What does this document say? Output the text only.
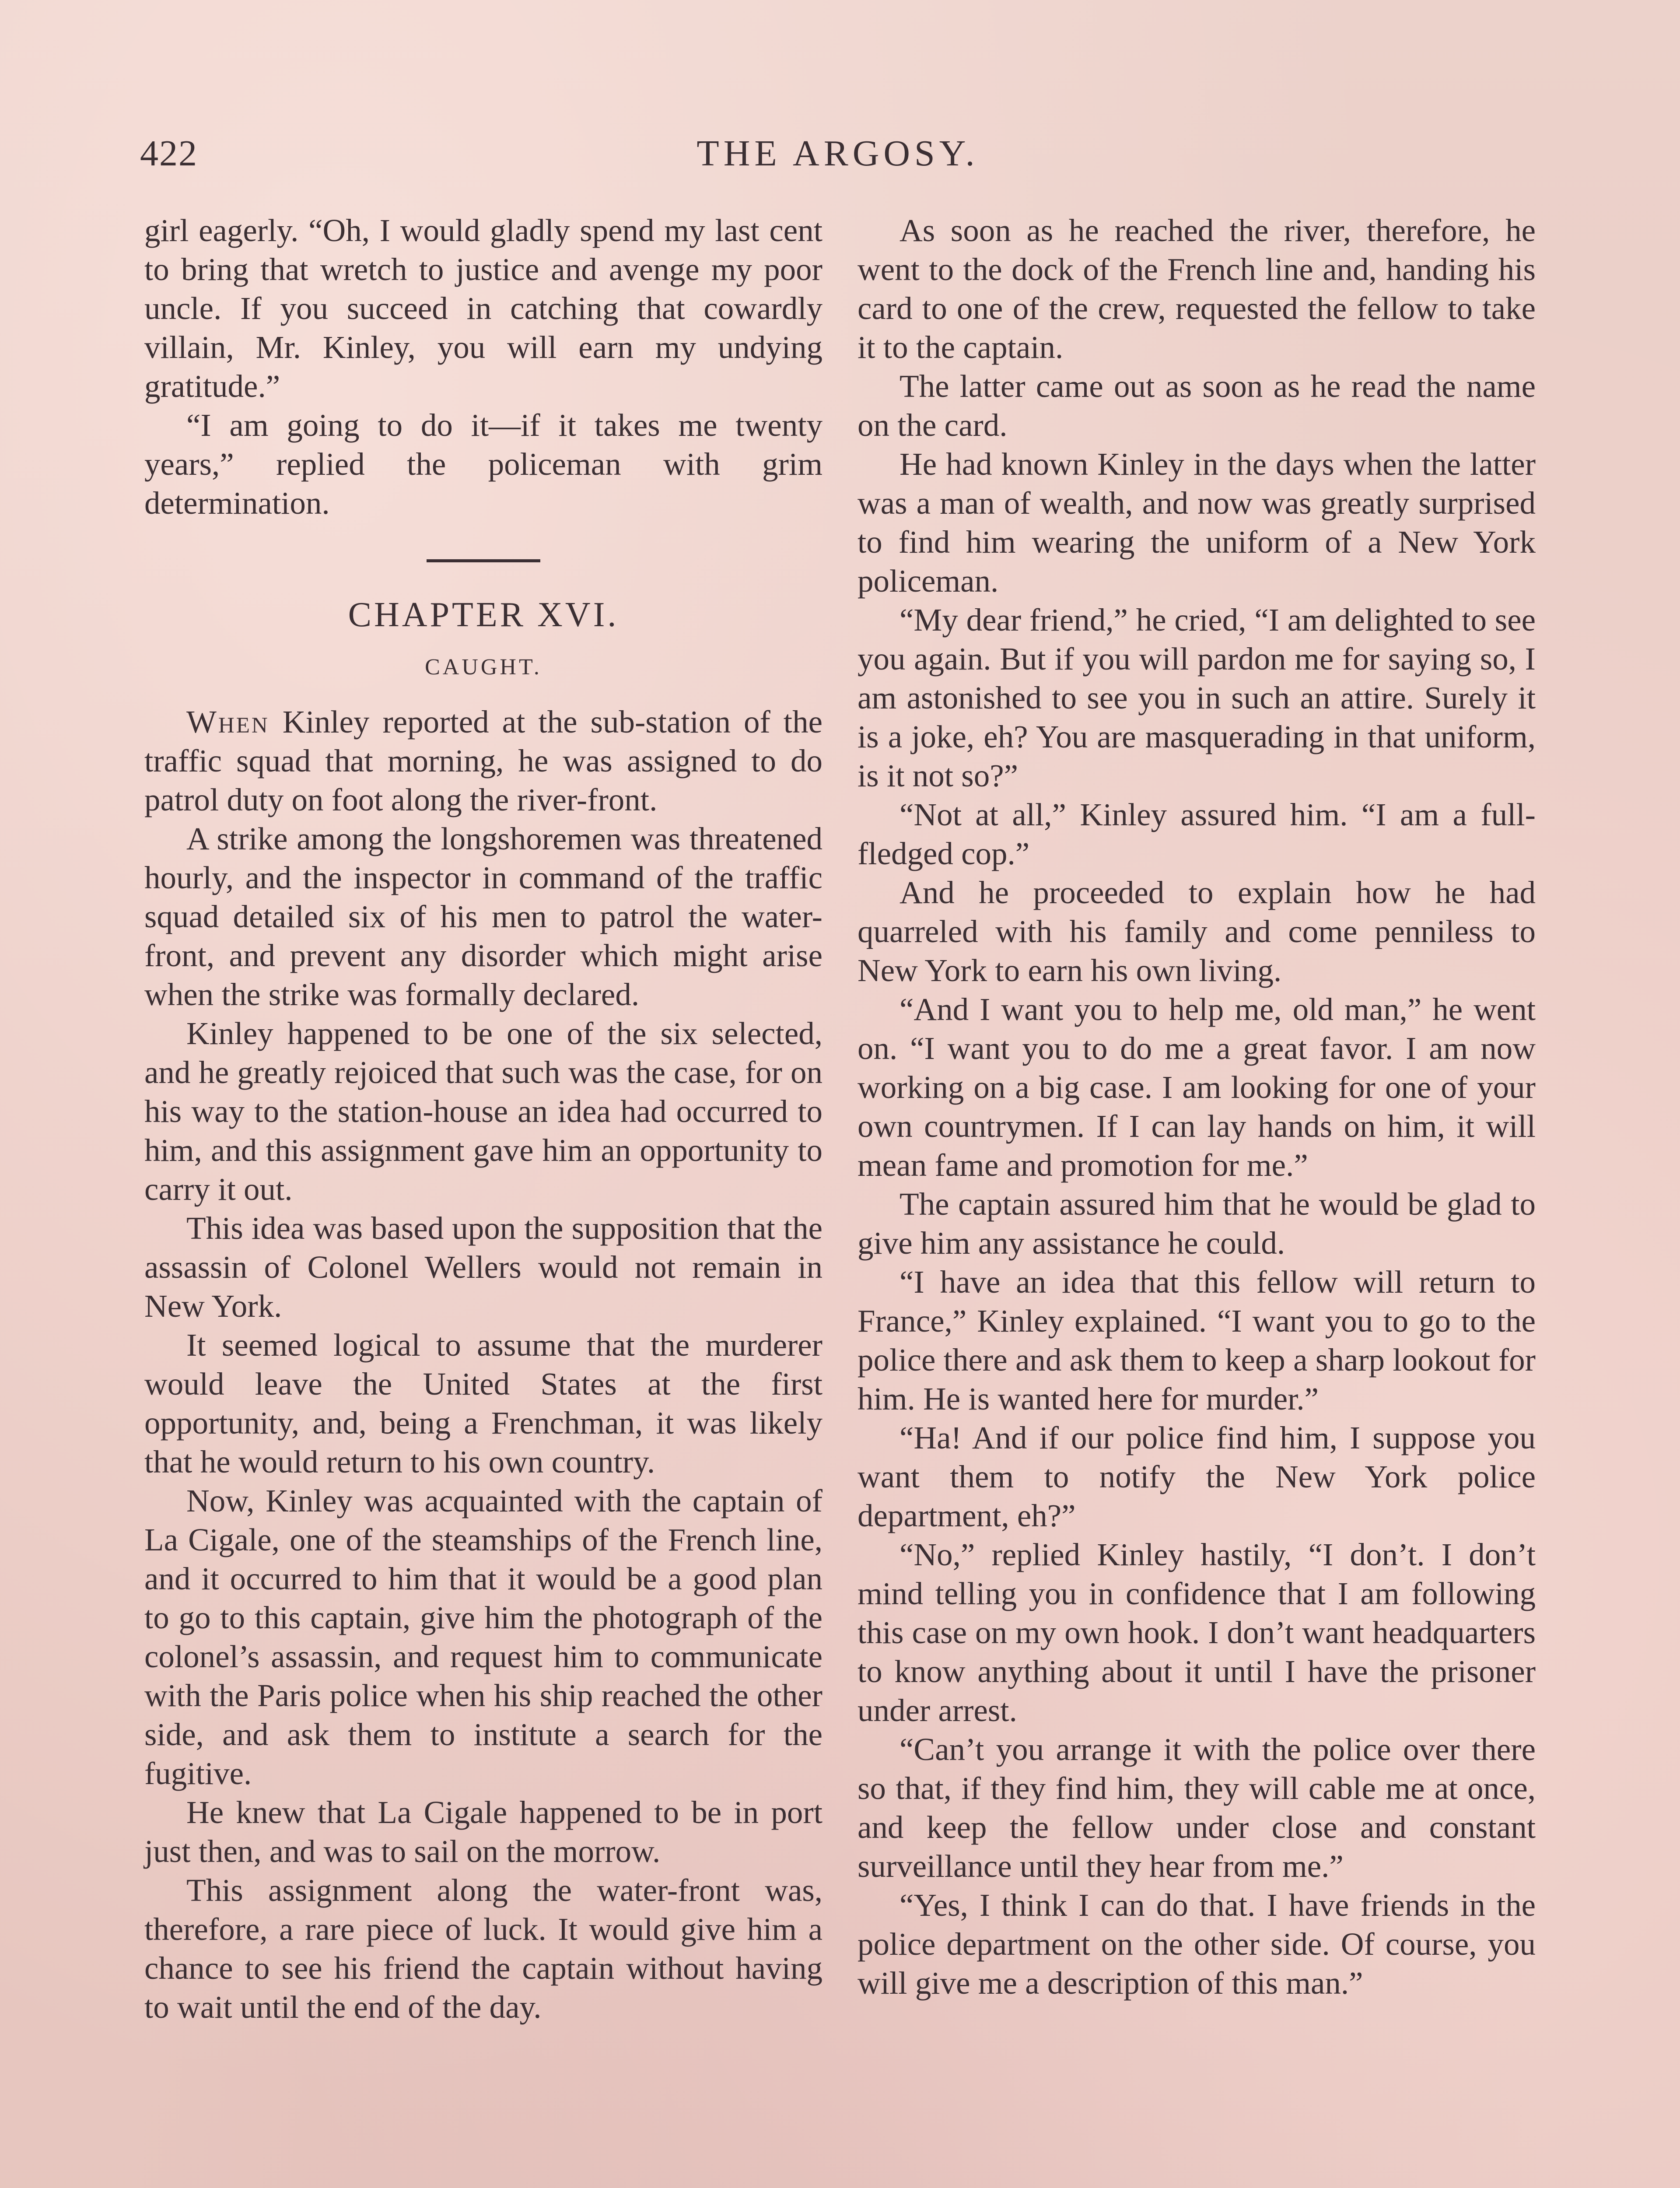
422	THE ARGOSY.

girl eagerly. “Oh, I would gladly spend my last cent to bring that wretch to justice and avenge my poor uncle. If you succeed in catching that cowardly villain, Mr. Kinley, you will earn my undying gratitude.”

“I am going to do it—if it takes me twenty years,” replied the policeman with grim determination.

CHAPTER XVI.
CAUGHT.

When Kinley reported at the sub-station of the traffic squad that morning, he was assigned to do patrol duty on foot along the river-front.

A strike among the longshoremen was threatened hourly, and the inspector in command of the traffic squad detailed six of his men to patrol the water-front, and prevent any disorder which might arise when the strike was formally declared.

Kinley happened to be one of the six selected, and he greatly rejoiced that such was the case, for on his way to the station-house an idea had occurred to him, and this assignment gave him an opportunity to carry it out.

This idea was based upon the supposition that the assassin of Colonel Wellers would not remain in New York.

It seemed logical to assume that the murderer would leave the United States at the first opportunity, and, being a Frenchman, it was likely that he would return to his own country.

Now, Kinley was acquainted with the captain of La Cigale, one of the steamships of the French line, and it occurred to him that it would be a good plan to go to this captain, give him the photograph of the colonel’s assassin, and request him to communicate with the Paris police when his ship reached the other side, and ask them to institute a search for the fugitive.

He knew that La Cigale happened to be in port just then, and was to sail on the morrow.

This assignment along the water-front was, therefore, a rare piece of luck. It would give him a chance to see his friend the captain without having to wait until the end of the day.

As soon as he reached the river, therefore, he went to the dock of the French line and, handing his card to one of the crew, requested the fellow to take it to the captain.

The latter came out as soon as he read the name on the card.

He had known Kinley in the days when the latter was a man of wealth, and now was greatly surprised to find him wearing the uniform of a New York policeman.

“My dear friend,” he cried, “I am delighted to see you again. But if you will pardon me for saying so, I am astonished to see you in such an attire. Surely it is a joke, eh? You are masquerading in that uniform, is it not so?”

“Not at all,” Kinley assured him. “I am a full-fledged cop.”

And he proceeded to explain how he had quarreled with his family and come penniless to New York to earn his own living.

“And I want you to help me, old man,” he went on. “I want you to do me a great favor. I am now working on a big case. I am looking for one of your own countrymen. If I can lay hands on him, it will mean fame and promotion for me.”

The captain assured him that he would be glad to give him any assistance he could.

“I have an idea that this fellow will return to France,” Kinley explained. “I want you to go to the police there and ask them to keep a sharp lookout for him. He is wanted here for murder.”

“Ha! And if our police find him, I suppose you want them to notify the New York police department, eh?”

“No,” replied Kinley hastily, “I don’t. I don’t mind telling you in confidence that I am following this case on my own hook. I don’t want headquarters to know anything about it until I have the prisoner under arrest.

“Can’t you arrange it with the police over there so that, if they find him, they will cable me at once, and keep the fellow under close and constant surveillance until they hear from me.”

“Yes, I think I can do that. I have friends in the police department on the other side. Of course, you will give me a description of this man.”
